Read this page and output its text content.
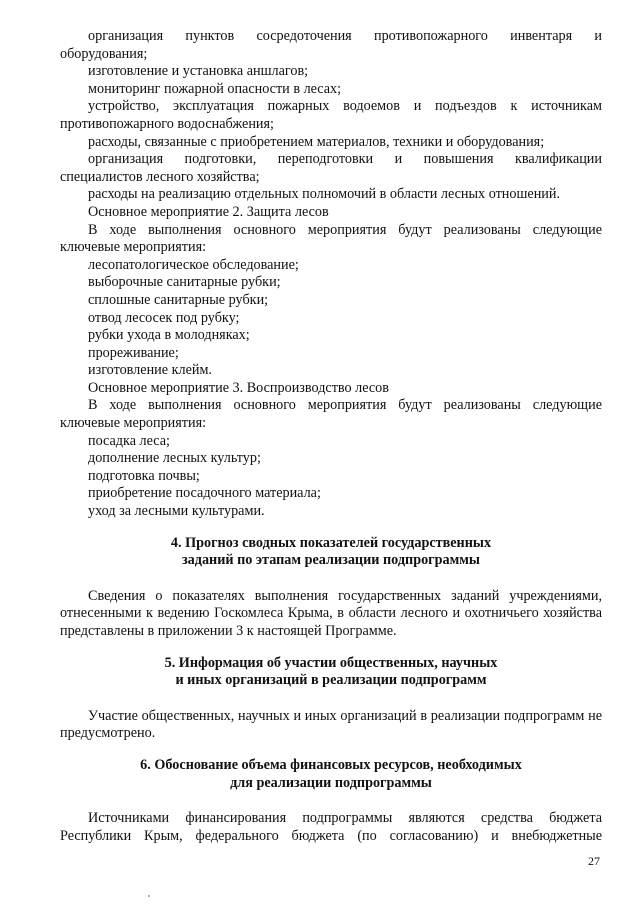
организация пунктов сосредоточения противопожарного инвентаря и

оборудования;

изготовление и установка аншлагов;

мониторинг пожарной опасности в лесах;

устройство, эксплуатация пожарных водоемов и подъездов к источникам

противопожарного водоснабжения;

расходы, связанные с приобретением материалов, техники и оборудования;

организация подготовки, переподготовки и повышения квалификации

специалистов лесного хозяйства;

расходы на реализацию отдельных полномочий в области лесных отношений.

Основное мероприятие 2. Защита лесов

В ходе выполнения основного мероприятия будут реализованы следующие

ключевые мероприятия:

лесопатологическое обследование;

выборочные санитарные рубки;

сплошные санитарные рубки;

отвод лесосек под рубку;

рубки ухода в молодняках;

прореживание;

изготовление клейм.

Основное мероприятие 3. Воспроизводство лесов

В ходе выполнения основного мероприятия будут реализованы следующие

ключевые мероприятия:

посадка леса;

дополнение лесных культур;

подготовка почвы;

приобретение посадочного материала;

уход за лесными культурами.

4. Прогноз сводных показателей государственных

заданий по этапам реализации подпрограммы

Сведения о показателях выполнения государственных заданий учреждениями, отнесенными к ведению Госкомлеса Крыма, в области лесного и охотничьего хозяйства представлены в приложении 3 к настоящей Программе.

5. Информация об участии общественных, научных

и иных организаций в реализации подпрограмм

Участие общественных, научных и иных организаций в реализации подпрограмм не предусмотрено.

6. Обоснование объема финансовых ресурсов, необходимых

для реализации подпрограммы

Источниками финансирования подпрограммы являются средства бюджета Республики Крым, федерального бюджета (по согласованию) и внебюджетные

27
